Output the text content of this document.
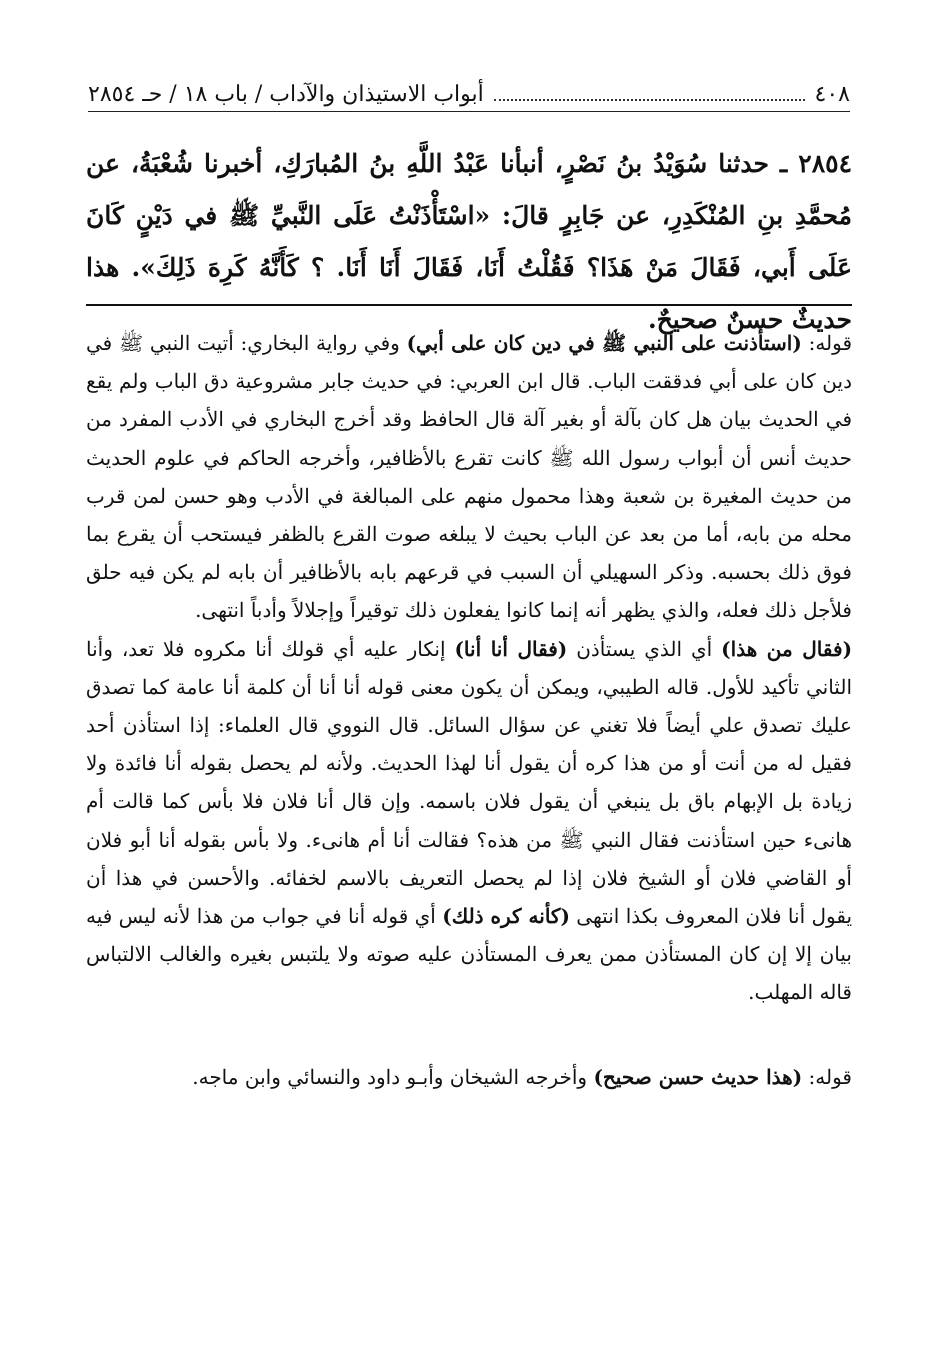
٤٠٨
أبواب الاستيذان والآداب / باب ١٨ / حـ ٢٨٥٤

٢٨٥٤ ـ حدثنا سُوَيْدُ بنُ نَصْرٍ، أنبأنا عَبْدُ اللَّهِ بنُ المُبارَكِ، أخبرنا شُعْبَةُ، عن مُحمَّدِ بنِ المُنْكَدِرِ، عن جَابِرٍ قالَ: «اسْتَأْذَنْتُ عَلَى النَّبيِّ ﷺ في دَيْنٍ كَانَ عَلَى أَبي، فَقَالَ مَنْ هَذَا؟ فَقُلْتُ أَنَا، فَقَالَ أَنَا أَنَا. ؟ كَأَنَّهُ كَرِهَ ذَلِكَ». هذا حديثٌ حسنٌ صحيحٌ.

قوله: (استأذنت على النبي ﷺ في دين كان على أبي) وفي رواية البخاري: أتيت النبي ﷺ في دين كان على أبي فدققت الباب. قال ابن العربي: في حديث جابر مشروعية دق الباب ولم يقع في الحديث بيان هل كان بآلة أو بغير آلة قال الحافظ وقد أخرج البخاري في الأدب المفرد من حديث أنس أن أبواب رسول الله ﷺ كانت تقرع بالأظافير، وأخرجه الحاكم في علوم الحديث من حديث المغيرة بن شعبة وهذا محمول منهم على المبالغة في الأدب وهو حسن لمن قرب محله من بابه، أما من بعد عن الباب بحيث لا يبلغه صوت القرع بالظفر فيستحب أن يقرع بما فوق ذلك بحسبه. وذكر السهيلي أن السبب في قرعهم بابه بالأظافير أن بابه لم يكن فيه حلق فلأجل ذلك فعله، والذي يظهر أنه إنما كانوا يفعلون ذلك توقيراً وإجلالاً وأدباً انتهى.

(فقال من هذا) أي الذي يستأذن (فقال أنا أنا) إنكار عليه أي قولك أنا مكروه فلا تعد، وأنا الثاني تأكيد للأول. قاله الطيبي، ويمكن أن يكون معنى قوله أنا أنا أن كلمة أنا عامة كما تصدق عليك تصدق علي أيضاً فلا تغني عن سؤال السائل. قال النووي قال العلماء: إذا استأذن أحد فقيل له من أنت أو من هذا كره أن يقول أنا لهذا الحديث. ولأنه لم يحصل بقوله أنا فائدة ولا زيادة بل الإبهام باق بل ينبغي أن يقول فلان باسمه. وإن قال أنا فلان فلا بأس كما قالت أم هانىء حين استأذنت فقال النبي ﷺ من هذه؟ فقالت أنا أم هانىء. ولا بأس بقوله أنا أبو فلان أو القاضي فلان أو الشيخ فلان إذا لم يحصل التعريف بالاسم لخفائه. والأحسن في هذا أن يقول أنا فلان المعروف بكذا انتهى (كأنه كره ذلك) أي قوله أنا في جواب من هذا لأنه ليس فيه بيان إلا إن كان المستأذن ممن يعرف المستأذن عليه صوته ولا يلتبس بغيره والغالب الالتباس قاله المهلب.

قوله: (هذا حديث حسن صحيح) وأخرجه الشيخان وأبـو داود والنسائي وابن ماجه.
